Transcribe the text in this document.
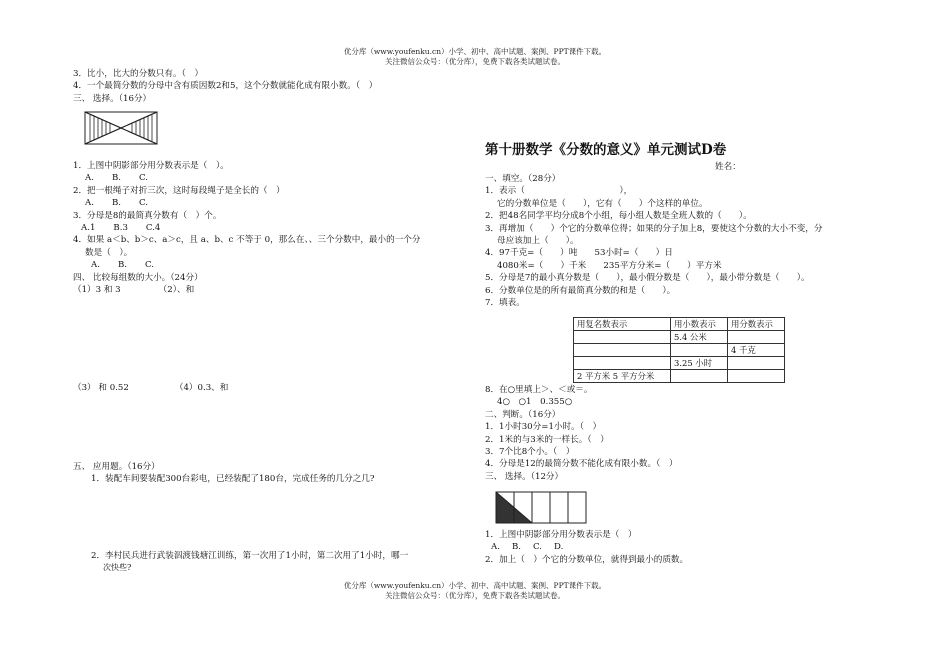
优分库（www.youfenku.cn）小学、初中、高中试题、案例、PPT课件下载。
关注微信公众号：（优分库），免费下载各类试题试卷。
3．比小，比大的分数只有。（　）
4．一个最简分数的分母中含有质因数2和5，这个分数就能化成有限小数。（　）
三、 选择。（16分）
1．上图中阴影部分用分数表示是（　）。
A. B. C.
2．把一根绳子对折三次，这时每段绳子是全长的（　）
A. B. C.
3．分母是8的最简真分数有（　）个。
A.1 B.3 C.4
4．如果 a＜b、b＞c、a＞c，且 a、b、c 不等于 0，那么在、、三个分数中，最小的一个分
数是（　）。
A. B. C.
四、 比较每组数的大小。（24分）
（1）3 和 3	（2）、和
（3） 和 0.52	（4）0.3、和
五、 应用题。（16分）
1．装配车间要装配300台彩电，已经装配了180台，完成任务的几分之几?
2．李村民兵进行武装泅渡钱塘江训练，第一次用了1小时，第二次用了1小时，哪一
次快些?
第十册数学《分数的意义》单元测试D卷
姓名：
一、填空。（28分）
1．表示（　　　　　　　　　　　），
它的分数单位是（　　），它有（　　）个这样的单位。
2．把48名同学平均分成8个小组，每小组人数是全班人数的（　　）。
3．再增加（　　）个它的分数单位得；如果的分子加上8，要使这个分数的大小不变，分
母应该加上（　　）。
4．97千克=（　　）吨　　53小时=（　　）日
4080米=（　　）千米　　235平方分米=（　　）平方米
5．分母是7的最小真分数是（　　），最小假分数是（　　），最小带分数是（　　）。
6．分数单位是的所有最简真分数的和是（　　）。
7．填表。
用复名数表示	用小数表示	用分数表示
	5.4 公米	
		4 千克
	3.25 小时	
2 平方米 5 平方分米		
8．在○里填上＞、＜或＝。
4○　○1　0.355○
二、判断。（16分）
1．1小时30分=1小时。（　）
2．1米的与3米的一样长。（　）
3．7个比8个小。（　）
4．分母是12的最简分数不能化成有限小数。（　）
三、 选择。（12分）
1．上图中阴影部分用分数表示是（　）
A. B. C. D.
2．加上（　）个它的分数单位，就得到最小的质数。
优分库（www.youfenku.cn）小学、初中、高中试题、案例、PPT课件下载。
关注微信公众号：（优分库），免费下载各类试题试卷。
